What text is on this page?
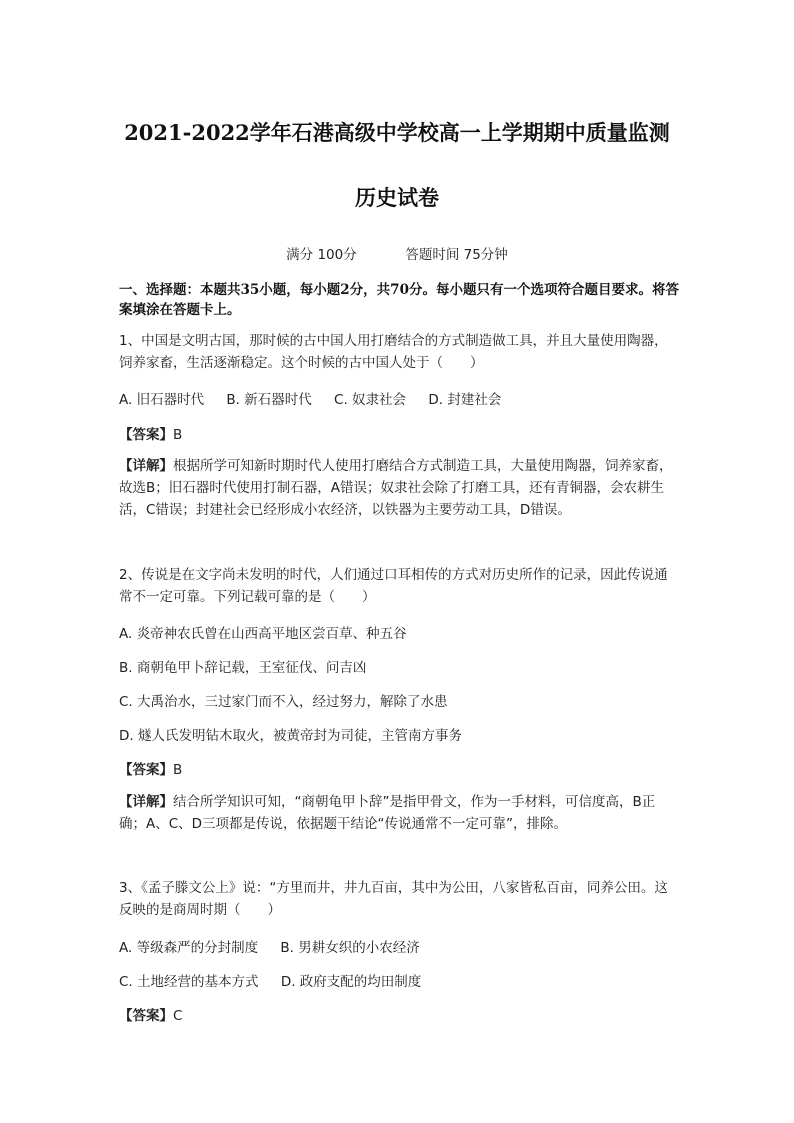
2021-2022学年石港高级中学校高一上学期期中质量监测
历史试卷
满分 100分	答题时间 75分钟
一、选择题：本题共35小题，每小题2分，共70分。每小题只有一个选项符合题目要求。将答案填涂在答题卡上。
1、中国是文明古国，那时候的古中国人用打磨结合的方式制造做工具，并且大量使用陶器，饲养家畜，生活逐渐稳定。这个时候的古中国人处于（　　）
A. 旧石器时代 B. 新石器时代 C. 奴隶社会 D. 封建社会
【答案】B
【详解】根据所学可知新时期时代人使用打磨结合方式制造工具，大量使用陶器，饲养家畜，故选B；旧石器时代使用打制石器，A错误；奴隶社会除了打磨工具，还有青铜器，会农耕生活，C错误；封建社会已经形成小农经济，以铁器为主要劳动工具，D错误。
2、传说是在文字尚未发明的时代，人们通过口耳相传的方式对历史所作的记录，因此传说通常不一定可靠。下列记载可靠的是（　　）
A. 炎帝神农氏曾在山西高平地区尝百草、种五谷
B. 商朝龟甲卜辞记载，王室征伐、问吉凶
C. 大禹治水，三过家门而不入，经过努力，解除了水患
D. 燧人氏发明钻木取火，被黄帝封为司徒，主管南方事务
【答案】B
【详解】结合所学知识可知，“商朝龟甲卜辞”是指甲骨文，作为一手材料，可信度高，B正确；A、C、D三项都是传说，依据题干结论“传说通常不一定可靠”，排除。
3、《孟子滕文公上》说：“方里而井，井九百亩，其中为公田，八家皆私百亩，同养公田。这反映的是商周时期（　　）
A. 等级森严的分封制度 B. 男耕女织的小农经济
C. 土地经营的基本方式 D. 政府支配的均田制度
【答案】C
